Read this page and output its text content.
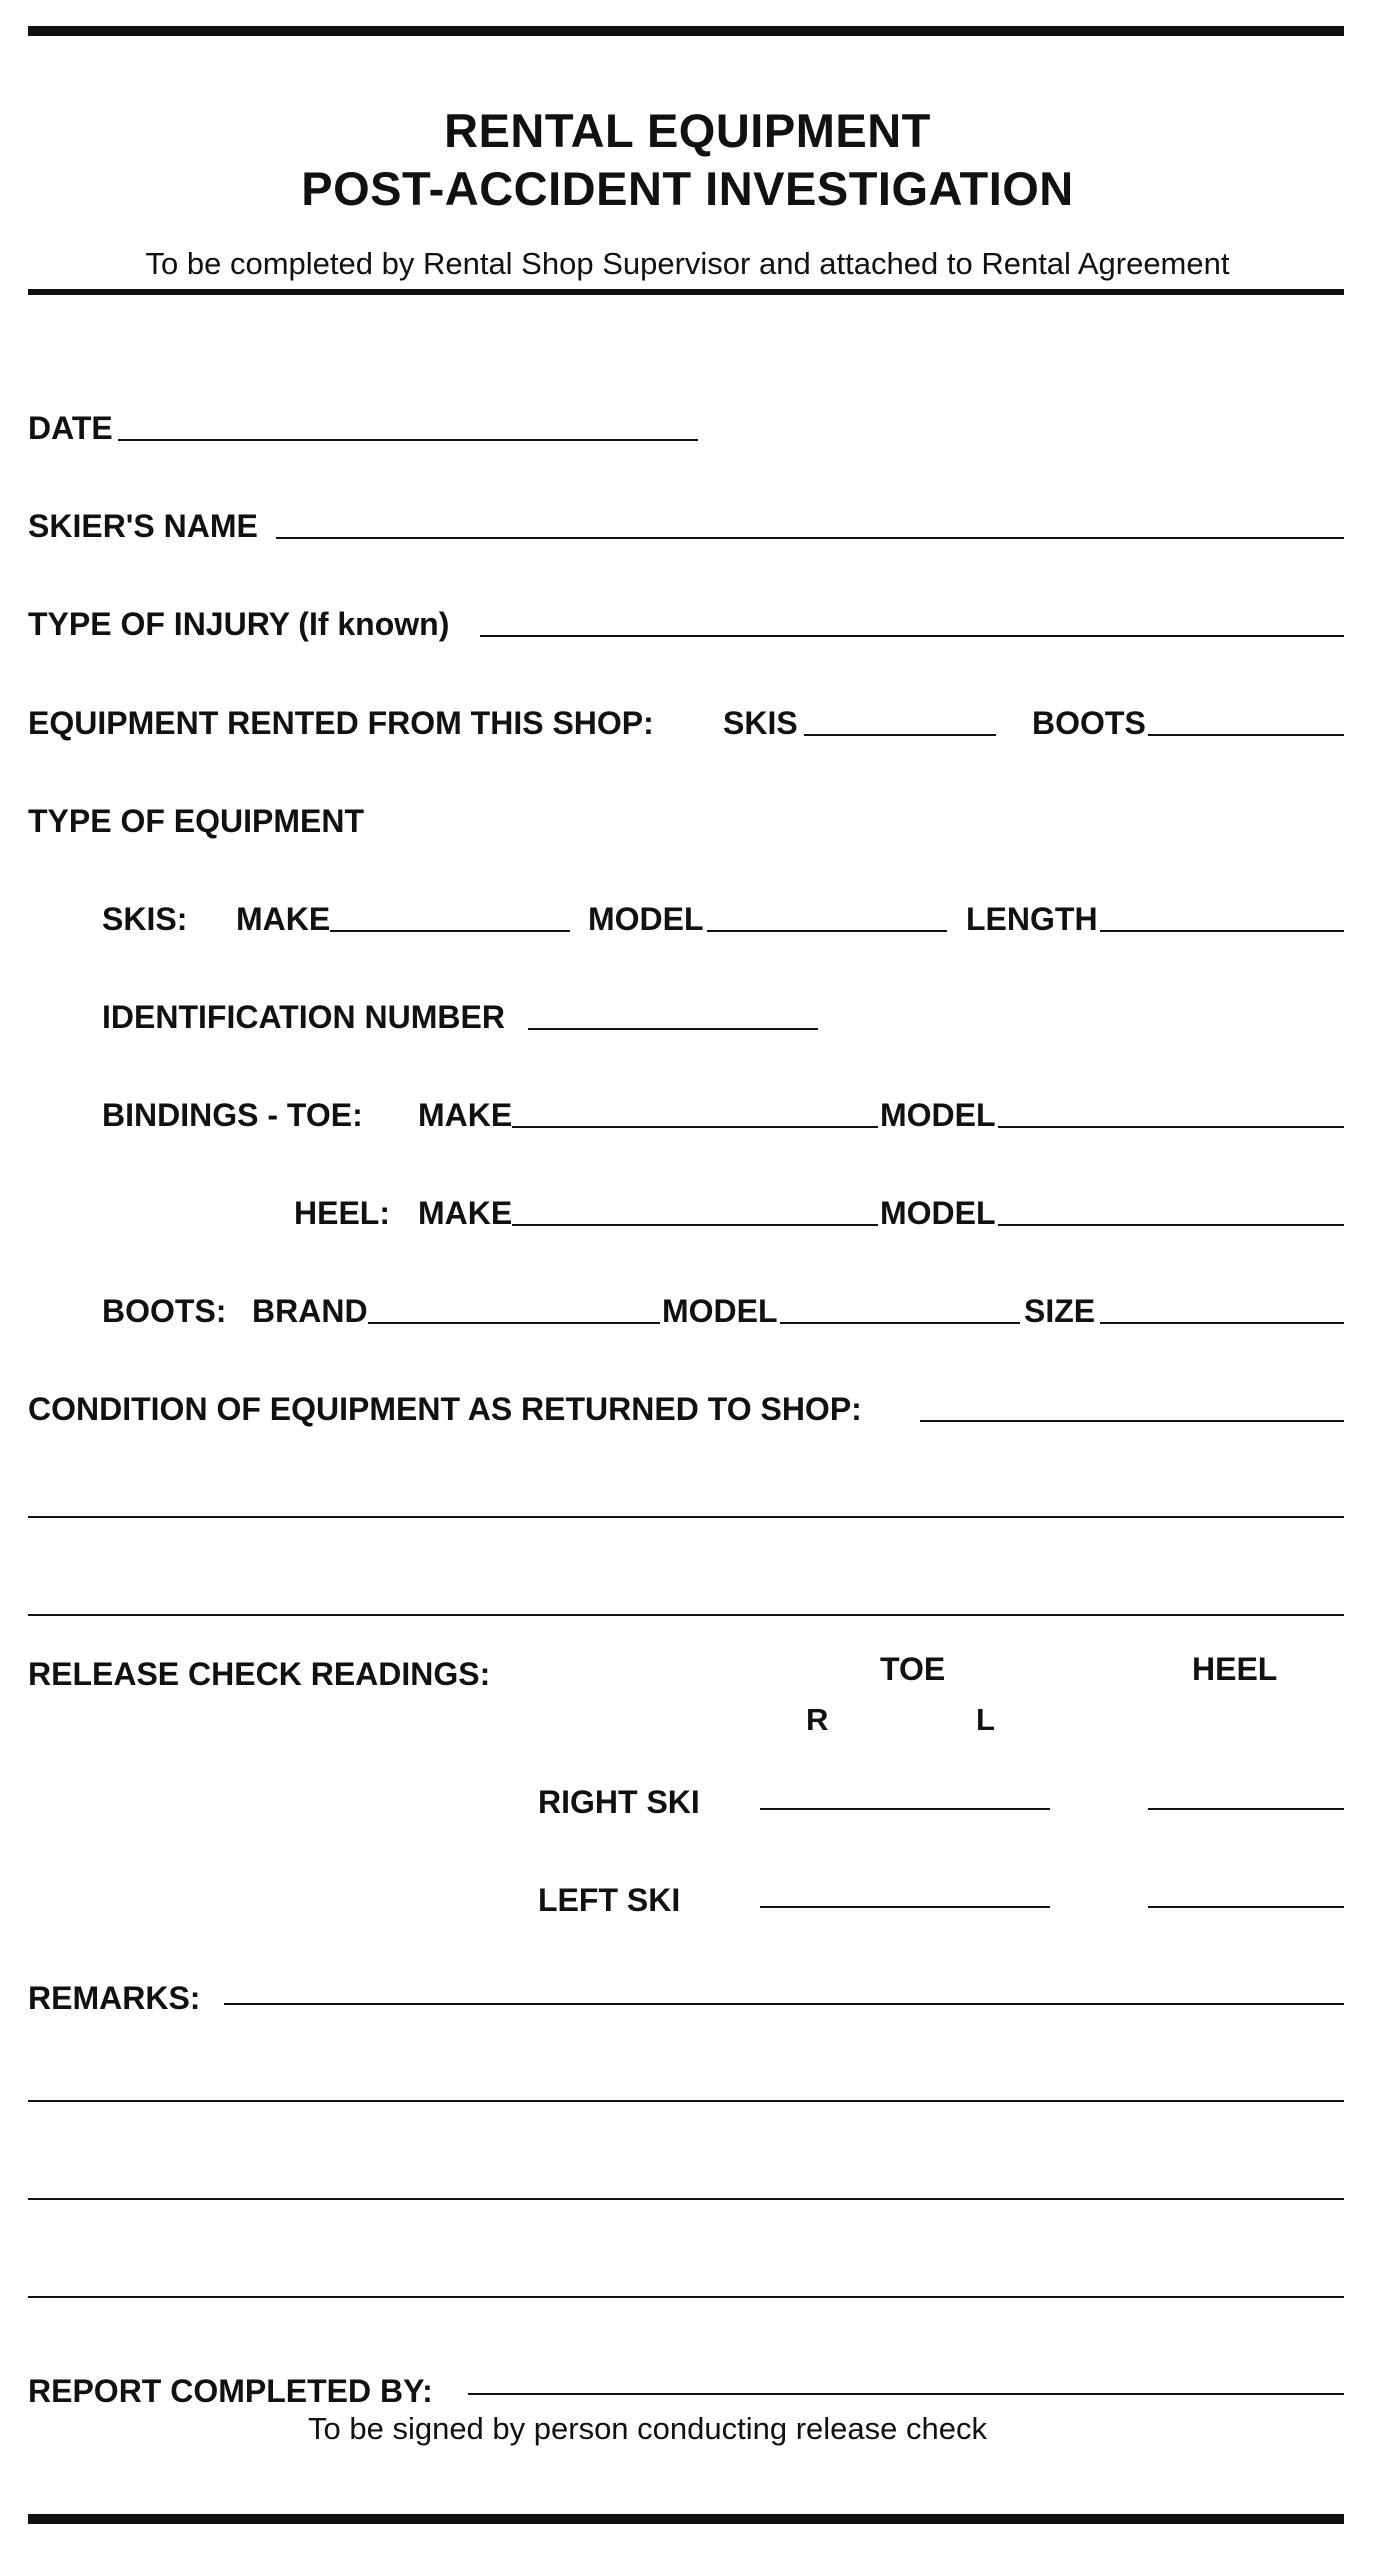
RENTAL EQUIPMENT
POST-ACCIDENT INVESTIGATION
To be completed by Rental Shop Supervisor and attached to Rental Agreement
DATE
SKIER'S NAME
TYPE OF INJURY (If known)
EQUIPMENT RENTED FROM THIS SHOP: SKIS	BOOTS
TYPE OF EQUIPMENT
SKIS: MAKE	MODEL	LENGTH
IDENTIFICATION NUMBER
BINDINGS - TOE: MAKE	MODEL
HEEL: MAKE	MODEL
BOOTS: BRAND	MODEL	SIZE
CONDITION OF EQUIPMENT AS RETURNED TO SHOP:
RELEASE CHECK READINGS:	TOE	HEEL
R	L
RIGHT SKI
LEFT SKI
REMARKS:
REPORT COMPLETED BY:
To be signed by person conducting release check
